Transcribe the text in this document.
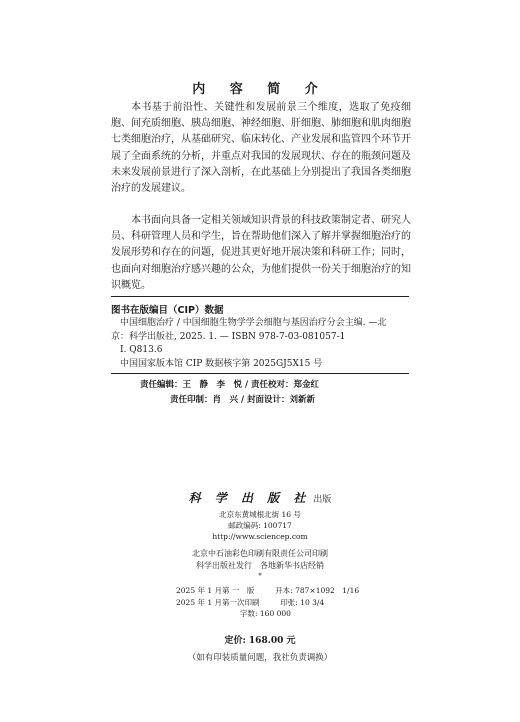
内 容 简 介

本书基于前沿性、关键性和发展前景三个维度，选取了免疫细胞、间充质细胞、胰岛细胞、神经细胞、肝细胞、肺细胞和肌肉细胞七类细胞治疗，从基础研究、临床转化、产业发展和监管四个环节开展了全面系统的分析，并重点对我国的发展现状、存在的瓶颈问题及未来发展前景进行了深入剖析，在此基础上分别提出了我国各类细胞治疗的发展建议。

本书面向具备一定相关领域知识背景的科技政策制定者、研究人员、科研管理人员和学生，旨在帮助他们深入了解并掌握细胞治疗的发展形势和存在的问题，促进其更好地开展决策和科研工作；同时，也面向对细胞治疗感兴趣的公众，为他们提供一份关于细胞治疗的知识概览。

图书在版编目（CIP）数据
中国细胞治疗 / 中国细胞生物学学会细胞与基因治疗分会主编. —北
京：科学出版社, 2025. 1. — ISBN 978-7-03-081057-1
Ⅰ. Q813.6
中国国家版本馆 CIP 数据核字第 2025GJ5X15 号
责任编辑：王　静　李　悦 / 责任校对：郑金红
责任印制：肖　兴 / 封面设计：刘新新
科 学 出 版 社 出版
北京东黄城根北街 16 号
邮政编码: 100717
http://www.sciencep.com
北京中石油彩色印刷有限责任公司印刷
科学出版社发行　各地新华书店经销
*
2025 年 1 月第 一　版	开本: 787×1092　1/16
2025 年 1 月第一次印刷	印张: 10 3/4
字数: 160 000
定价: 168.00 元
（如有印装质量问题，我社负责调换）
